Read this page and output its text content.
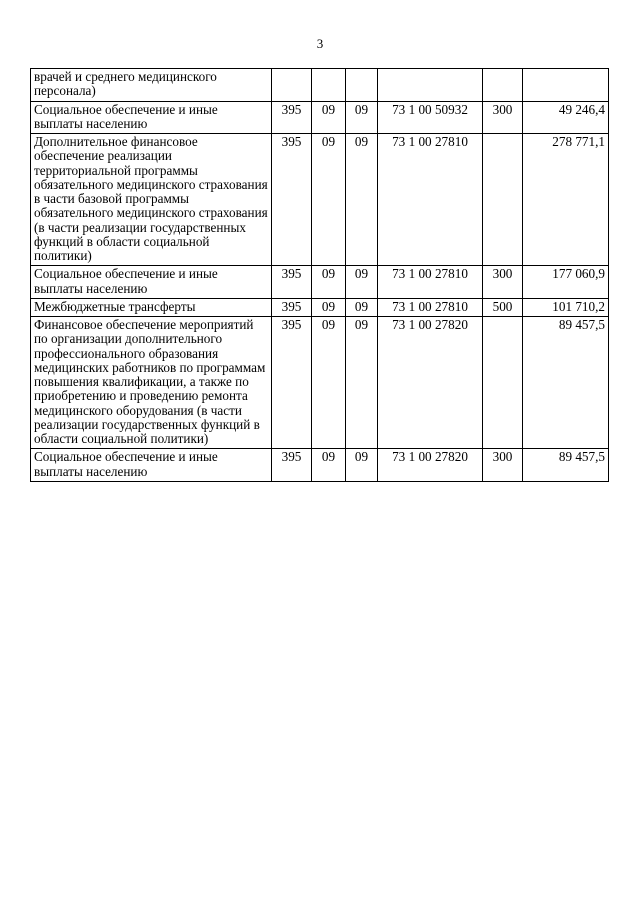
3
врачей и среднего медицинского персонала)						
Социальное обеспечение и иные выплаты населению	395	09	09	73 1 00 50932	300	49 246,4
Дополнительное финансовое обеспечение реализации территориальной программы обязательного медицинского страхования в части базовой программы обязательного медицинского страхования (в части реализации государственных функций в области социальной политики)	395	09	09	73 1 00 27810		278 771,1
Социальное обеспечение и иные выплаты населению	395	09	09	73 1 00 27810	300	177 060,9
Межбюджетные трансферты	395	09	09	73 1 00 27810	500	101 710,2
Финансовое обеспечение мероприятий по организации дополнительного профессионального образования медицинских работников по программам повышения квалификации, а также по приобретению и проведению ремонта медицинского оборудования (в части реализации государственных функций в области социальной политики)	395	09	09	73 1 00 27820		89 457,5
Социальное обеспечение и иные выплаты населению	395	09	09	73 1 00 27820	300	89 457,5
